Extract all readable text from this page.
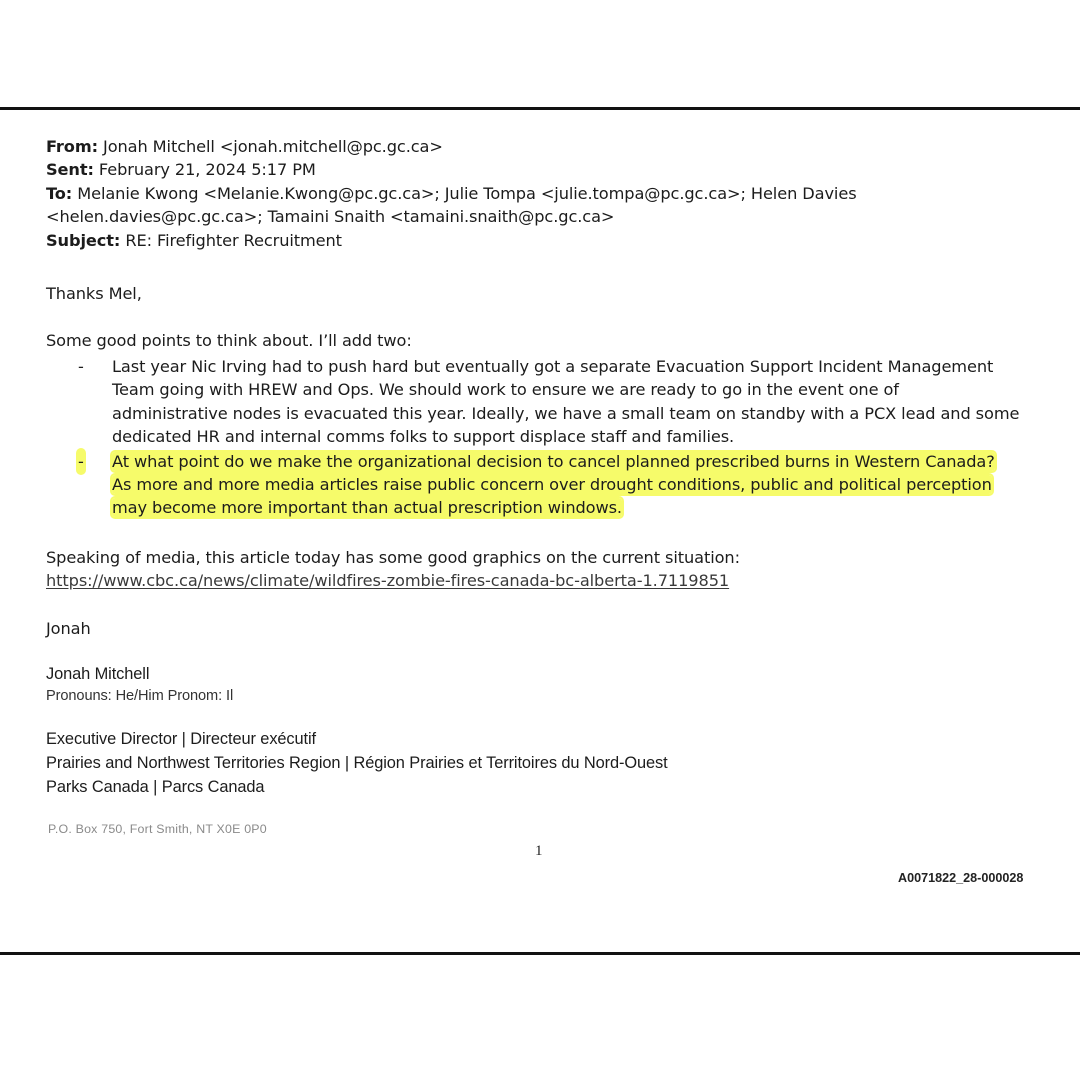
From: Jonah Mitchell <jonah.mitchell@pc.gc.ca>
Sent: February 21, 2024 5:17 PM
To: Melanie Kwong <Melanie.Kwong@pc.gc.ca>; Julie Tompa <julie.tompa@pc.gc.ca>; Helen Davies
<helen.davies@pc.gc.ca>; Tamaini Snaith <tamaini.snaith@pc.gc.ca>
Subject: RE: Firefighter Recruitment
Thanks Mel,
Some good points to think about. I’ll add two:
- Last year Nic Irving had to push hard but eventually got a separate Evacuation Support Incident Management
Team going with HREW and Ops. We should work to ensure we are ready to go in the event one of
administrative nodes is evacuated this year. Ideally, we have a small team on standby with a PCX lead and some
dedicated HR and internal comms folks to support displace staff and families.
- At what point do we make the organizational decision to cancel planned prescribed burns in Western Canada?
As more and more media articles raise public concern over drought conditions, public and political perception
may become more important than actual prescription windows.
Speaking of media, this article today has some good graphics on the current situation:
https://www.cbc.ca/news/climate/wildfires-zombie-fires-canada-bc-alberta-1.7119851
Jonah
Jonah Mitchell
Pronouns: He/Him Pronom: Il
Executive Director | Directeur exécutif
Prairies and Northwest Territories Region | Région Prairies et Territoires du Nord-Ouest
Parks Canada | Parcs Canada
P.O. Box 750, Fort Smith, NT X0E 0P0
1
A0071822_28-000028
